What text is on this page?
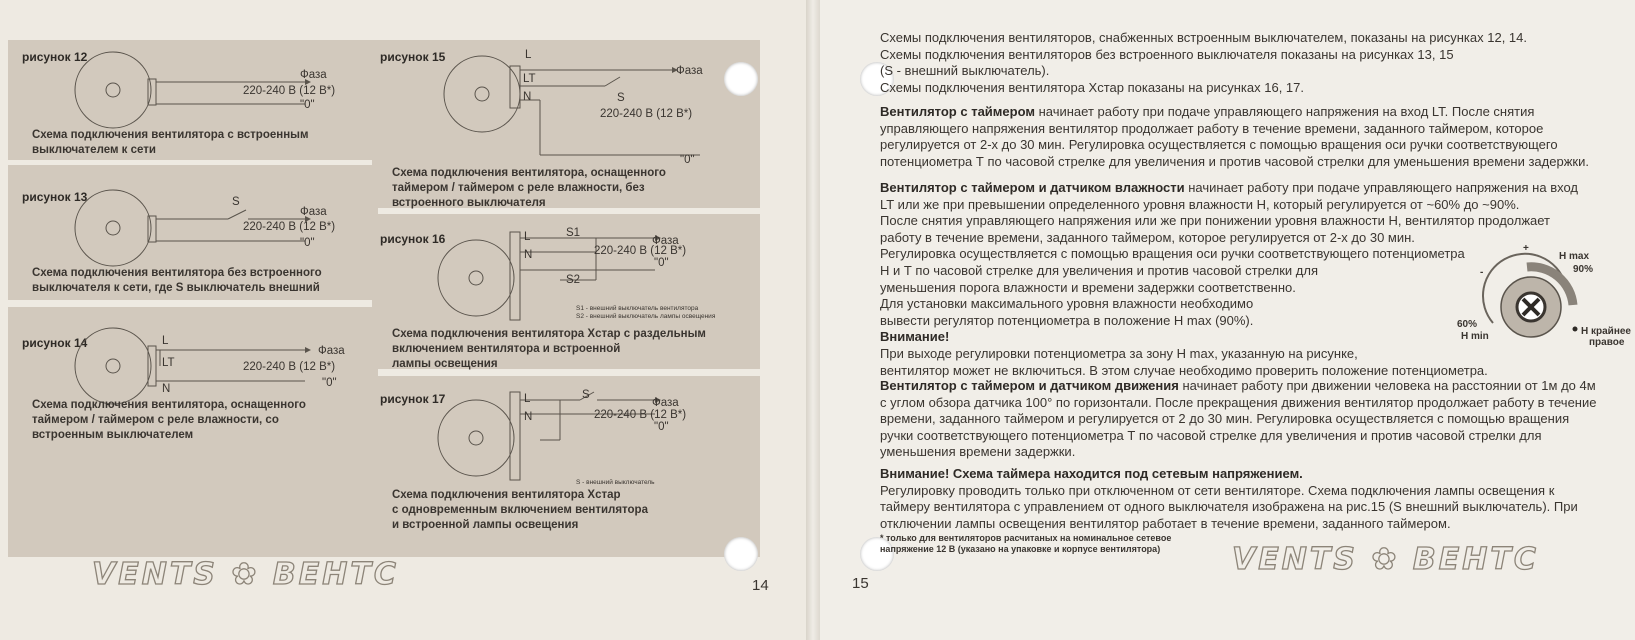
рисунок 12
рисунок 13
рисунок 14
рисунок 15
рисунок 16
рисунок 17
Фаза
220-240 В (12 В*)
"0"
S
Фаза
220-240 В (12 В*)
"0"
L
LT
N
Фаза
220-240 В (12 В*)
"0"
L
LT
N	S
Фаза
220-240 В (12 В*)
"0"
L
N
S1
S2
Фаза
220-240 В (12 В*)
"0"
L
N
S
Фаза
220-240 В (12 В*)
"0"
S1 - внешний выключатель вентилятора
S2 - внешний выключатель лампы освещения
S - внешний выключатель
Схема подключения вентилятора с встроенным
выключателем к сети
Схема подключения вентилятора без встроенного
выключателя к сети, где S выключатель внешний
Схема подключения вентилятора, оснащенного
таймером / таймером с реле влажности, со
встроенным выключателем
Схема подключения вентилятора, оснащенного
таймером / таймером с реле влажности, без
встроенного выключателя
Схема подключения вентилятора Хстар с раздельным
включением вентилятора и встроенной
лампы освещения
Схема подключения вентилятора Хстар
с одновременным включением вентилятора
и встроенной лампы освещения
VENTS ✿ ВЕНТС	14
VENTS ✿ ВЕНТС
15
Схемы подключения вентиляторов, снабженных встроенным выключателем, показаны на рисунках 12, 14.
Схемы подключения вентиляторов без встроенного выключателя показаны на рисунках 13, 15
(S - внешний выключатель).
Схемы подключения вентилятора Хстар показаны на рисунках 16, 17.
Вентилятор с таймером начинает работу при подаче управляющего напряжения на вход LT. После снятия управляющего напряжения вентилятор продолжает работу в течение времени, заданного таймером, которое регулируется от 2-х до 30 мин. Регулировка осуществляется с помощью вращения оси ручки соответствующего потенциометра Т по часовой стрелке для увеличения и против часовой стрелки для уменьшения времени задержки.
Вентилятор с таймером и датчиком влажности начинает работу при подаче управляющего напряжения на вход
LT или же при превышении определенного уровня влажности Н, который регулируется от ~60% до ~90%.
После снятия управляющего напряжения или же при понижении уровня влажности Н, вентилятор продолжает
работу в течение времени, заданного таймером, которое регулируется от 2-х до 30 мин.
Регулировка осуществляется с помощью вращения оси ручки соответствующего потенциометра
Н и Т по часовой стрелке для увеличения и против часовой стрелки для
уменьшения порога влажности и времени задержки соответственно.
Для установки максимального уровня влажности необходимо
вывести регулятор потенциометра в положение Н max (90%).
Внимание!
При выходе регулировки потенциометра за зону Н max, указанную на рисунке,
вентилятор может не включиться. В этом случае необходимо проверить положение потенциометра.
+
-
Н max
90%
60%
Н min	Н крайнее
правое
Вентилятор с таймером и датчиком движения начинает работу при движении человека на расстоянии от 1м до 4м с углом обзора датчика 100° по горизонтали. После прекращения движения вентилятор продолжает работу в течение времени, заданного таймером и регулируется от 2 до 30 мин. Регулировка осуществляется с помощью вращения ручки соответствующего потенциометра Т по часовой стрелке для увеличения и против часовой стрелки для уменьшения времени задержки.
Внимание! Схема таймера находится под сетевым напряжением.
Регулировку проводить только при отключенном от сети вентиляторе. Схема подключения лампы освещения к таймеру вентилятора с управлением от одного выключателя изображена на рис.15 (S внешний выключатель). При отключении лампы освещения вентилятор работает в течение времени, заданного таймером.
* только для вентиляторов расчитаных на номинальное сетевое
напряжение 12 В (указано на упаковке и корпусе вентилятора)
